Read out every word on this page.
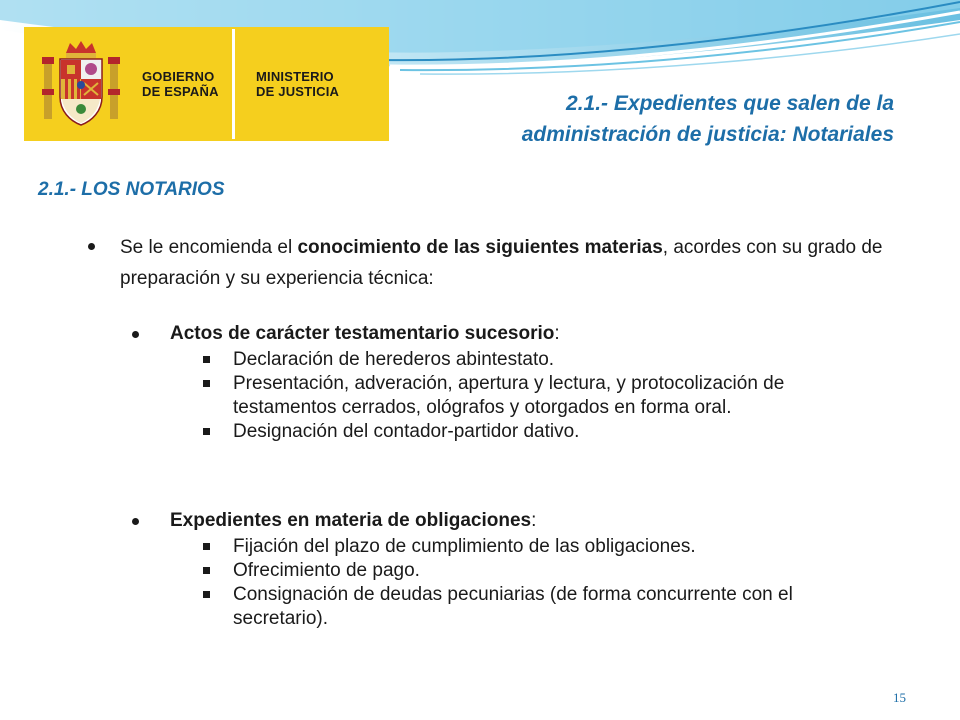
GOBIERNO
DE ESPAÑA
MINISTERIO
DE JUSTICIA
2.1.- Expedientes que salen de la
administración de justicia: Notariales
2.1.- LOS NOTARIOS
Se le encomienda el conocimiento de las siguientes materias, acordes con su grado de preparación y su experiencia técnica:
Actos de carácter testamentario sucesorio:
Declaración de herederos abintestato.
Presentación, adveración, apertura y lectura, y protocolización de testamentos cerrados, ológrafos y otorgados en forma oral.
Designación del contador-partidor dativo.
Expedientes en materia de obligaciones:
Fijación del plazo de cumplimiento de las obligaciones.
Ofrecimiento de pago.
Consignación de deudas pecuniarias (de forma concurrente con el secretario).
15
